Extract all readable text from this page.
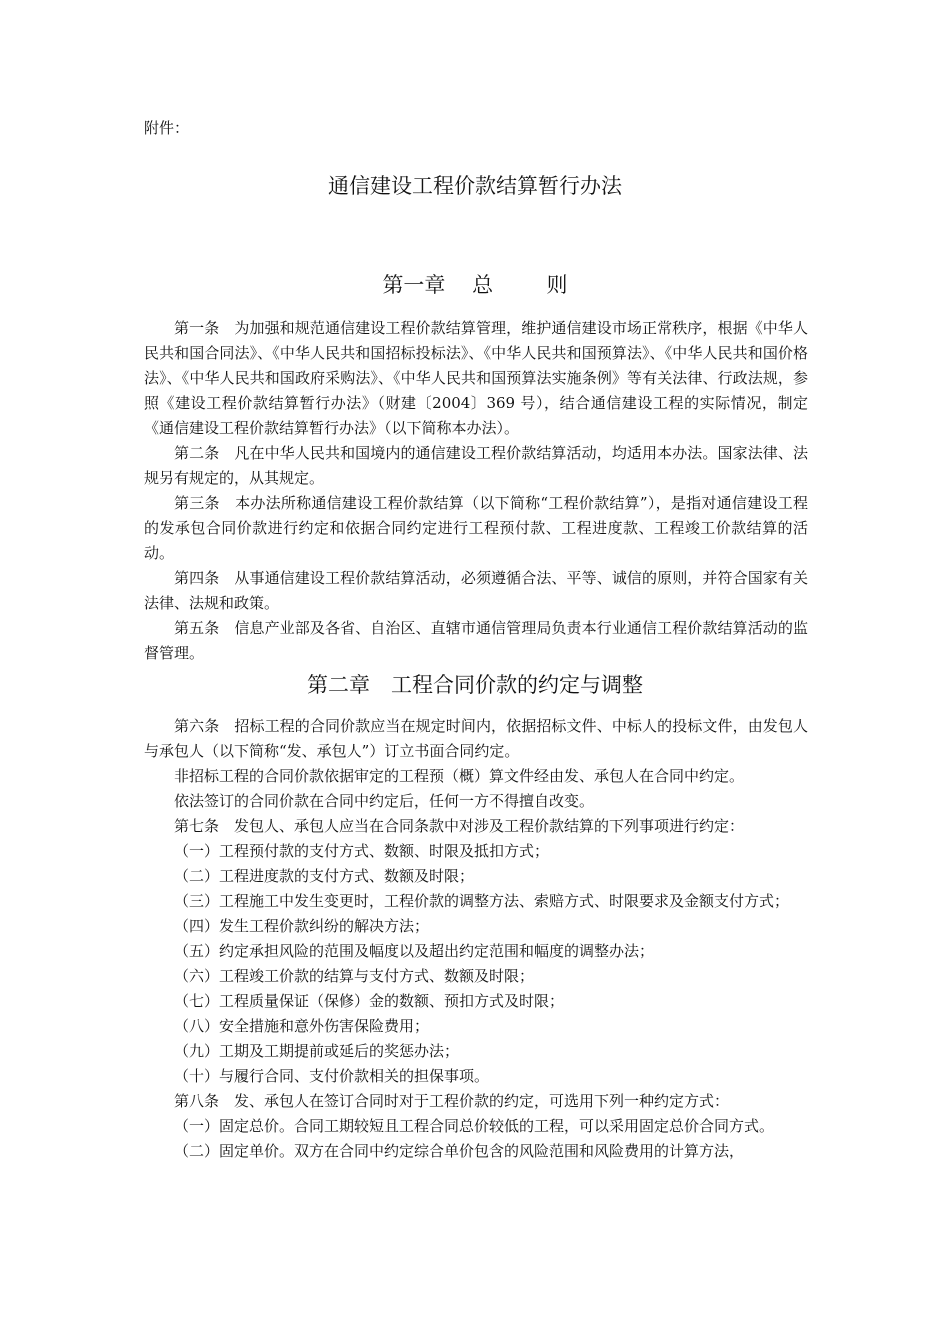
附件：

通信建设工程价款结算暂行办法
第一章    总        则

第一条　为加强和规范通信建设工程价款结算管理，维护通信建设市场正常秩序，根据《中华人民共和国合同法》、《中华人民共和国招标投标法》、《中华人民共和国预算法》、《中华人民共和国价格法》、《中华人民共和国政府采购法》、《中华人民共和国预算法实施条例》等有关法律、行政法规，参照《建设工程价款结算暂行办法》（财建〔2004〕369 号），结合通信建设工程的实际情况，制定《通信建设工程价款结算暂行办法》（以下简称本办法）。

第二条　凡在中华人民共和国境内的通信建设工程价款结算活动，均适用本办法。国家法律、法规另有规定的，从其规定。

第三条　本办法所称通信建设工程价款结算（以下简称“工程价款结算”），是指对通信建设工程的发承包合同价款进行约定和依据合同约定进行工程预付款、工程进度款、工程竣工价款结算的活动。

第四条　从事通信建设工程价款结算活动，必须遵循合法、平等、诚信的原则，并符合国家有关法律、法规和政策。

第五条　信息产业部及各省、自治区、直辖市通信管理局负责本行业通信工程价款结算活动的监督管理。

第二章　工程合同价款的约定与调整

第六条　招标工程的合同价款应当在规定时间内，依据招标文件、中标人的投标文件，由发包人与承包人（以下简称“发、承包人”）订立书面合同约定。

非招标工程的合同价款依据审定的工程预（概）算文件经由发、承包人在合同中约定。

依法签订的合同价款在合同中约定后，任何一方不得擅自改变。

第七条　发包人、承包人应当在合同条款中对涉及工程价款结算的下列事项进行约定：

（一）工程预付款的支付方式、数额、时限及抵扣方式；

（二）工程进度款的支付方式、数额及时限；

（三）工程施工中发生变更时，工程价款的调整方法、索赔方式、时限要求及金额支付方式；

（四）发生工程价款纠纷的解决方法；

（五）约定承担风险的范围及幅度以及超出约定范围和幅度的调整办法；

（六）工程竣工价款的结算与支付方式、数额及时限；

（七）工程质量保证（保修）金的数额、预扣方式及时限；

（八）安全措施和意外伤害保险费用；

（九）工期及工期提前或延后的奖惩办法；

（十）与履行合同、支付价款相关的担保事项。

第八条　发、承包人在签订合同时对于工程价款的约定，可选用下列一种约定方式：

（一）固定总价。合同工期较短且工程合同总价较低的工程，可以采用固定总价合同方式。

（二）固定单价。双方在合同中约定综合单价包含的风险范围和风险费用的计算方法，
